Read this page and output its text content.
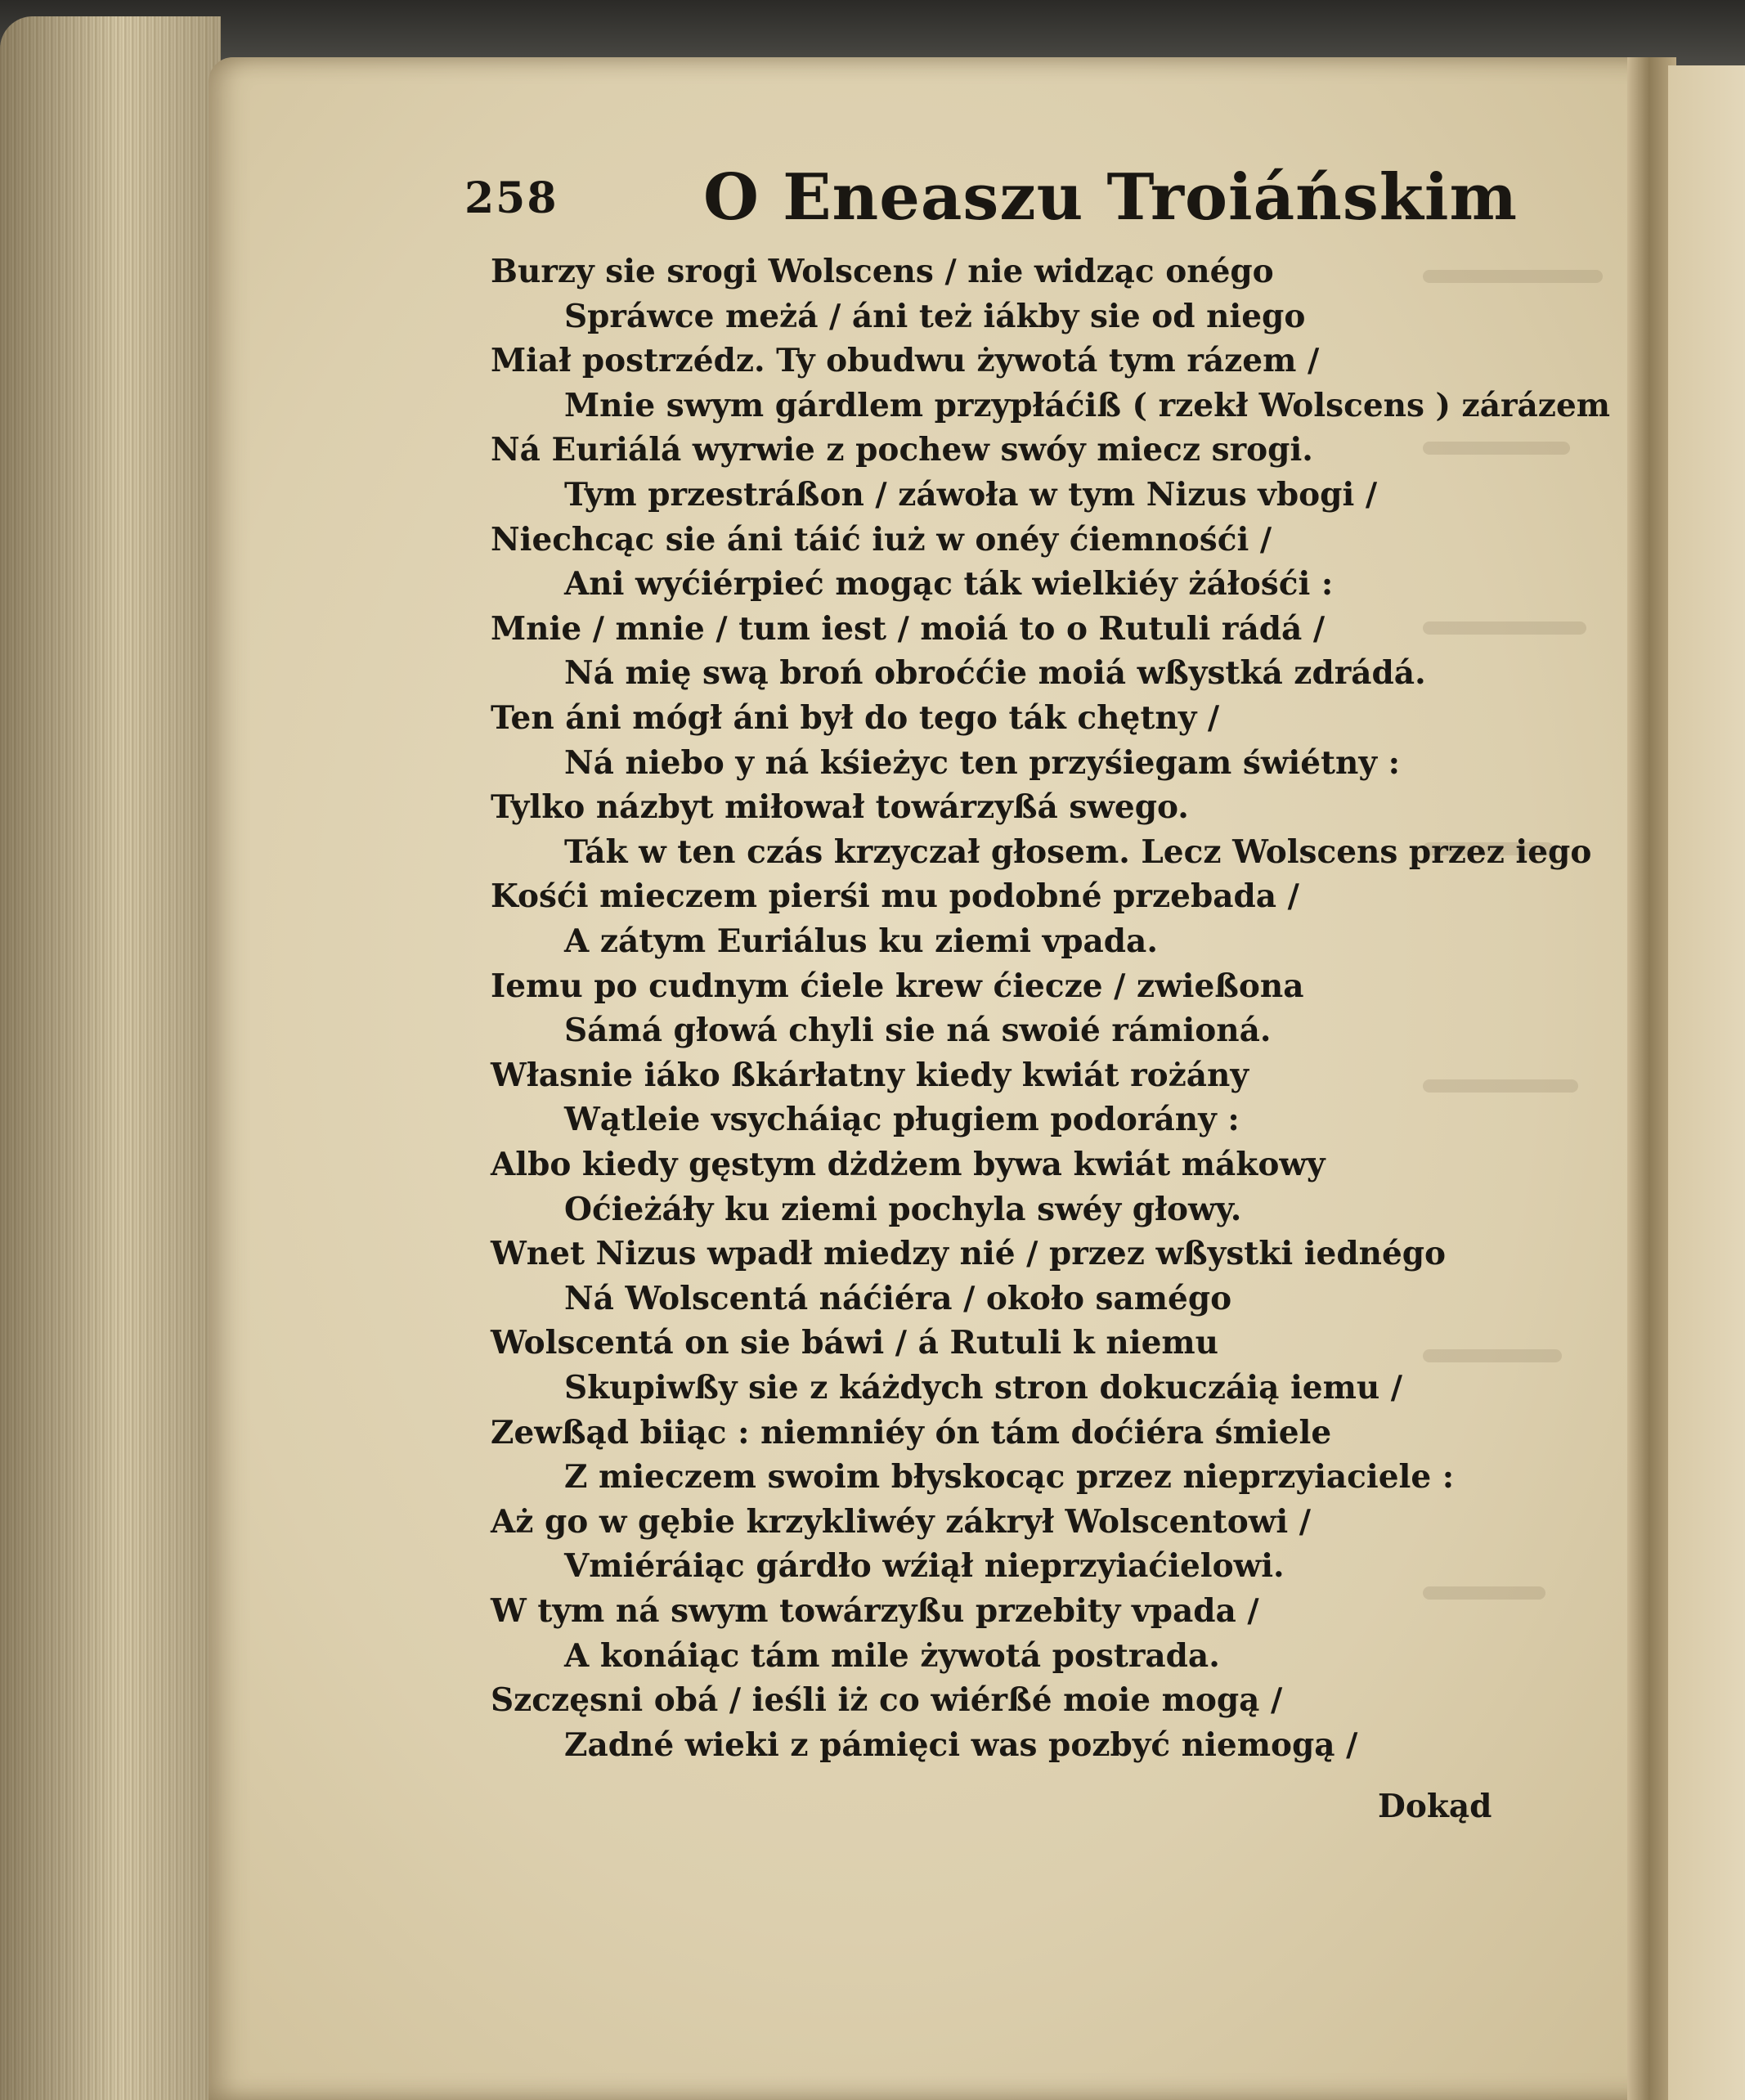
258 O Eneaszu Troiáńskim
Burzy sie srogi Wolscens / nie widząc onégo
Spráwce meżá / áni też iákby sie od niego
Miał postrzédz. Ty obudwu żywotá tym rázem /
Mnie swym gárdlem przypłáćiß ( rzekł Wolscens ) zárázem
Ná Euriálá wyrwie z pochew swóy miecz srogi.
Tym przestráßon / záwoła w tym Nizus vbogi /
Niechcąc sie áni táić iuż w onéy ćiemnośći /
Ani wyćiérpieć mogąc ták wielkiéy żáłośći :
Mnie / mnie / tum iest / moiá to o Rutuli rádá /
Ná mię swą broń obroććie moiá wßystká zdrádá.
Ten áni mógł áni był do tego ták chętny /
Ná niebo y ná kśieżyc ten przyśiegam świétny :
Tylko názbyt miłował towárzyßá swego.
Ták w ten czás krzyczał głosem. Lecz Wolscens przez iego
Kośći mieczem pierśi mu podobné przebada /
A zátym Euriálus ku ziemi vpada.
Iemu po cudnym ćiele krew ćiecze / zwießona
Sámá głowá chyli sie ná swoié rámioná.
Własnie iáko ßkárłatny kiedy kwiát rożány
Wątleie vsycháiąc pługiem podorány :
Albo kiedy gęstym dżdżem bywa kwiát mákowy
Oćieżáły ku ziemi pochyla swéy głowy.
Wnet Nizus wpadł miedzy nié / przez wßystki iednégo
Ná Wolscentá náćiéra / około samégo
Wolscentá on sie báwi / á Rutuli k niemu
Skupiwßy sie z káżdych stron dokuczáią iemu /
Zewßąd biiąc : niemniéy ón tám doćiéra śmiele
Z mieczem swoim błyskocąc przez nieprzyiaciele :
Aż go w gębie krzykliwéy zákrył Wolscentowi /
Vmiéráiąc gárdło wźiął nieprzyiaćielowi.
W tym ná swym towárzyßu przebity vpada /
A konáiąc tám mile żywotá postrada.
Szczęsni obá / ieśli iż co wiérßé moie mogą /
Zadné wieki z pámięci was pozbyć niemogą /
Dokąd
